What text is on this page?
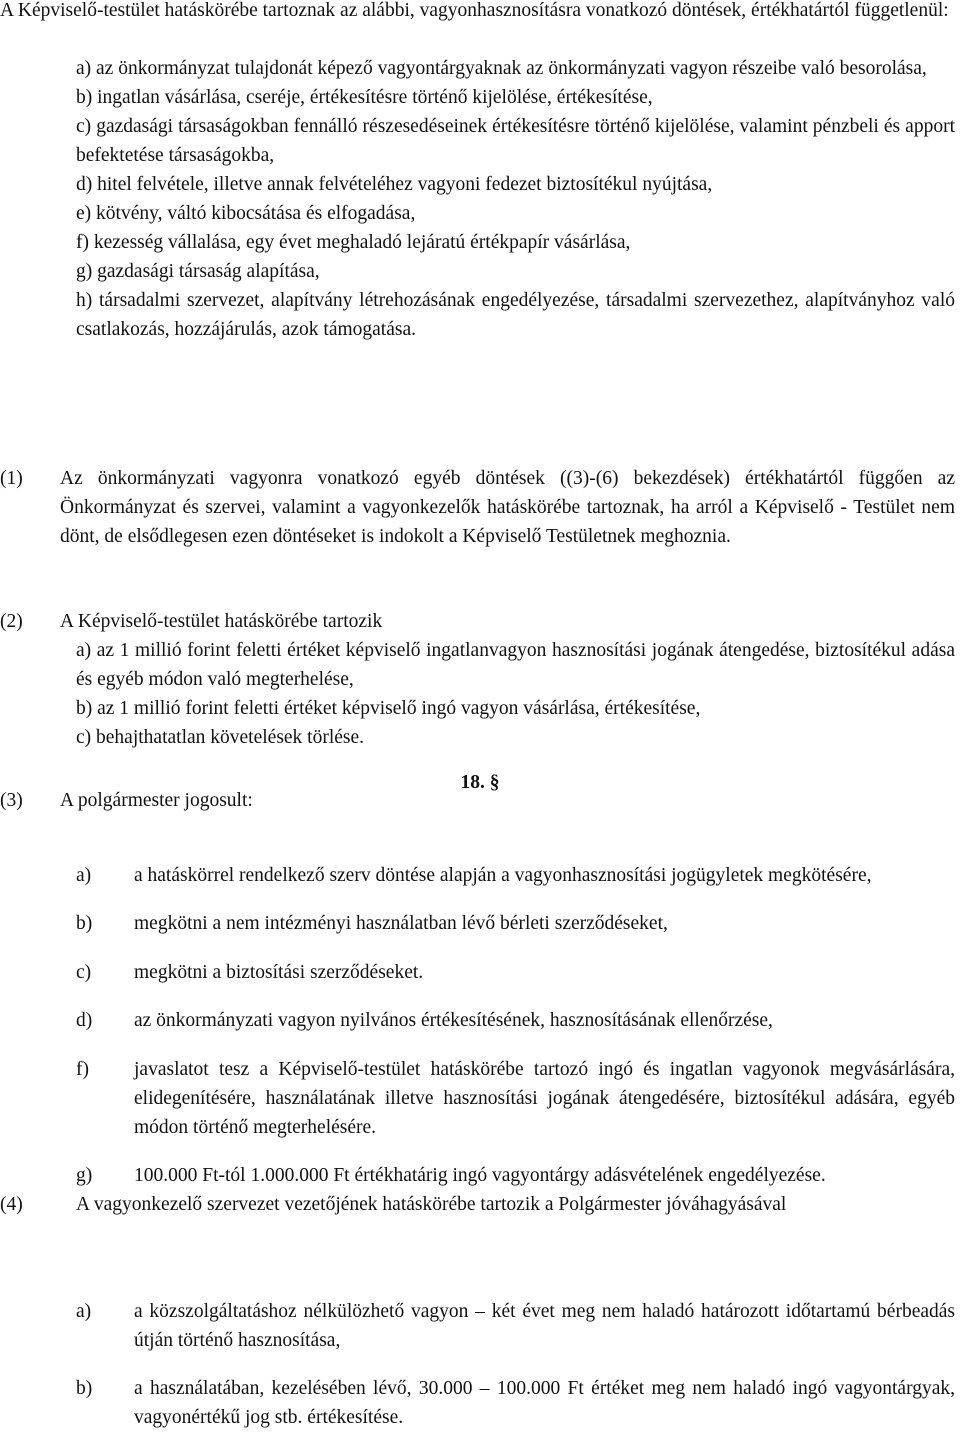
A Képviselő-testület hatáskörébe tartoznak az alábbi, vagyonhasznosításra vonatkozó döntések, értékhatártól függetlenül:

a) az önkormányzat tulajdonát képező vagyontárgyaknak az önkormányzati vagyon részeibe való besorolása,

b) ingatlan vásárlása, cseréje, értékesítésre történő kijelölése, értékesítése,

c) gazdasági társaságokban fennálló részesedéseinek értékesítésre történő kijelölése, valamint pénzbeli és apport befektetése társaságokba,

d) hitel felvétele, illetve annak felvételéhez vagyoni fedezet biztosítékul nyújtása,

e) kötvény, váltó kibocsátása és elfogadása,

f) kezesség vállalása, egy évet meghaladó lejáratú értékpapír vásárlása,

g) gazdasági társaság alapítása,

h) társadalmi szervezet, alapítvány létrehozásának engedélyezése, társadalmi szervezethez, alapítványhoz való csatlakozás, hozzájárulás, azok támogatása.

18. §
(1)	Az önkormányzati vagyonra vonatkozó egyéb döntések ((3)-(6) bekezdések) értékhatártól függően az Önkormányzat és szervei, valamint a vagyonkezelők hatáskörébe tartoznak, ha arról a Képviselő - Testület nem dönt, de elsődlegesen ezen döntéseket is indokolt a Képviselő Testületnek meghoznia.

(2)	A Képviselő-testület hatáskörébe tartozik

a) az 1 millió forint feletti értéket képviselő ingatlanvagyon hasznosítási jogának átengedése, biztosítékul adása és egyéb módon való megterhelése,

b) az 1 millió forint feletti értéket képviselő ingó vagyon vásárlása, értékesítése,

c) behajthatatlan követelések törlése.

(3)	A polgármester jogosult:

a)	a hatáskörrel rendelkező szerv döntése alapján a vagyonhasznosítási jogügyletek megkötésére,

b)	megkötni a nem intézményi használatban lévő bérleti szerződéseket,

c)	megkötni a biztosítási szerződéseket.

d)	az önkormányzati vagyon nyilvános értékesítésének, hasznosításának ellenőrzése,

f)	javaslatot tesz a Képviselő-testület hatáskörébe tartozó ingó és ingatlan vagyonok megvásárlására, elidegenítésére, használatának illetve hasznosítási jogának átengedésére, biztosítékul adására, egyéb módon történő megterhelésére.

g)	100.000 Ft-tól 1.000.000 Ft értékhatárig ingó vagyontárgy adásvételének engedélyezése.

(4)	A vagyonkezelő szervezet vezetőjének hatáskörébe tartozik a Polgármester jóváhagyásával

a)	a közszolgáltatáshoz nélkülözhető vagyon – két évet meg nem haladó határozott időtartamú bérbeadás útján történő hasznosítása,

b)	a használatában, kezelésében lévő, 30.000 – 100.000 Ft értéket meg nem haladó ingó vagyontárgyak, vagyonértékű jog stb. értékesítése.
